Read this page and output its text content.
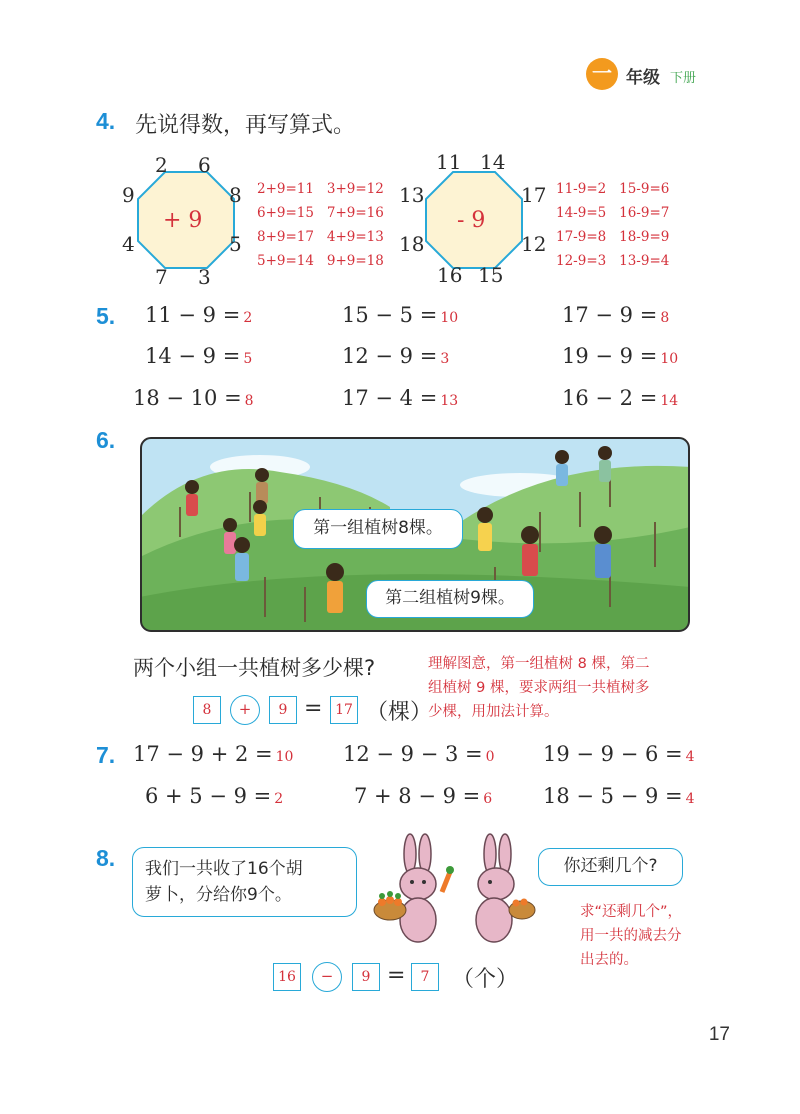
一 年级 下册
4. 先说得数，再写算式。
+ 9
2 6
8
5
3
7
4
9	2+9=11 3+9=12
6+9=15 7+9=16
8+9=17 4+9=13
5+9=14 9+9=18
- 9
11 14
17
12
15
16
18
13	11-9=2 15-9=6
14-9=5 16-9=7
17-9=8 18-9=9
12-9=3 13-9=4
5. 11 − 9 = 2	15 − 5 = 10	17 − 9 = 8
14 − 9 = 5	12 − 9 = 3	19 − 9 = 10
18 − 10 = 8	17 − 4 = 13	16 − 2 = 14
6.
第一组植树8棵。
第二组植树9棵。
两个小组一共植树多少棵?
8	+	9 = 17 （棵）
理解图意，第一组植树 8 棵，第二
组植树 9 棵，要求两组一共植树多
少棵，用加法计算。
7. 17 − 9 + 2 = 10 12 − 9 − 3 = 0 19 − 9 − 6 = 4
6 + 5 − 9 = 2	7 + 8 − 9 = 6 18 − 5 − 9 = 4
8. 我们一共收了16个胡
萝卜，分给你9个。
你还剩几个?
求“还剩几个”，
用一共的减去分
出去的。
16	−	9 =	7	（个）
17
